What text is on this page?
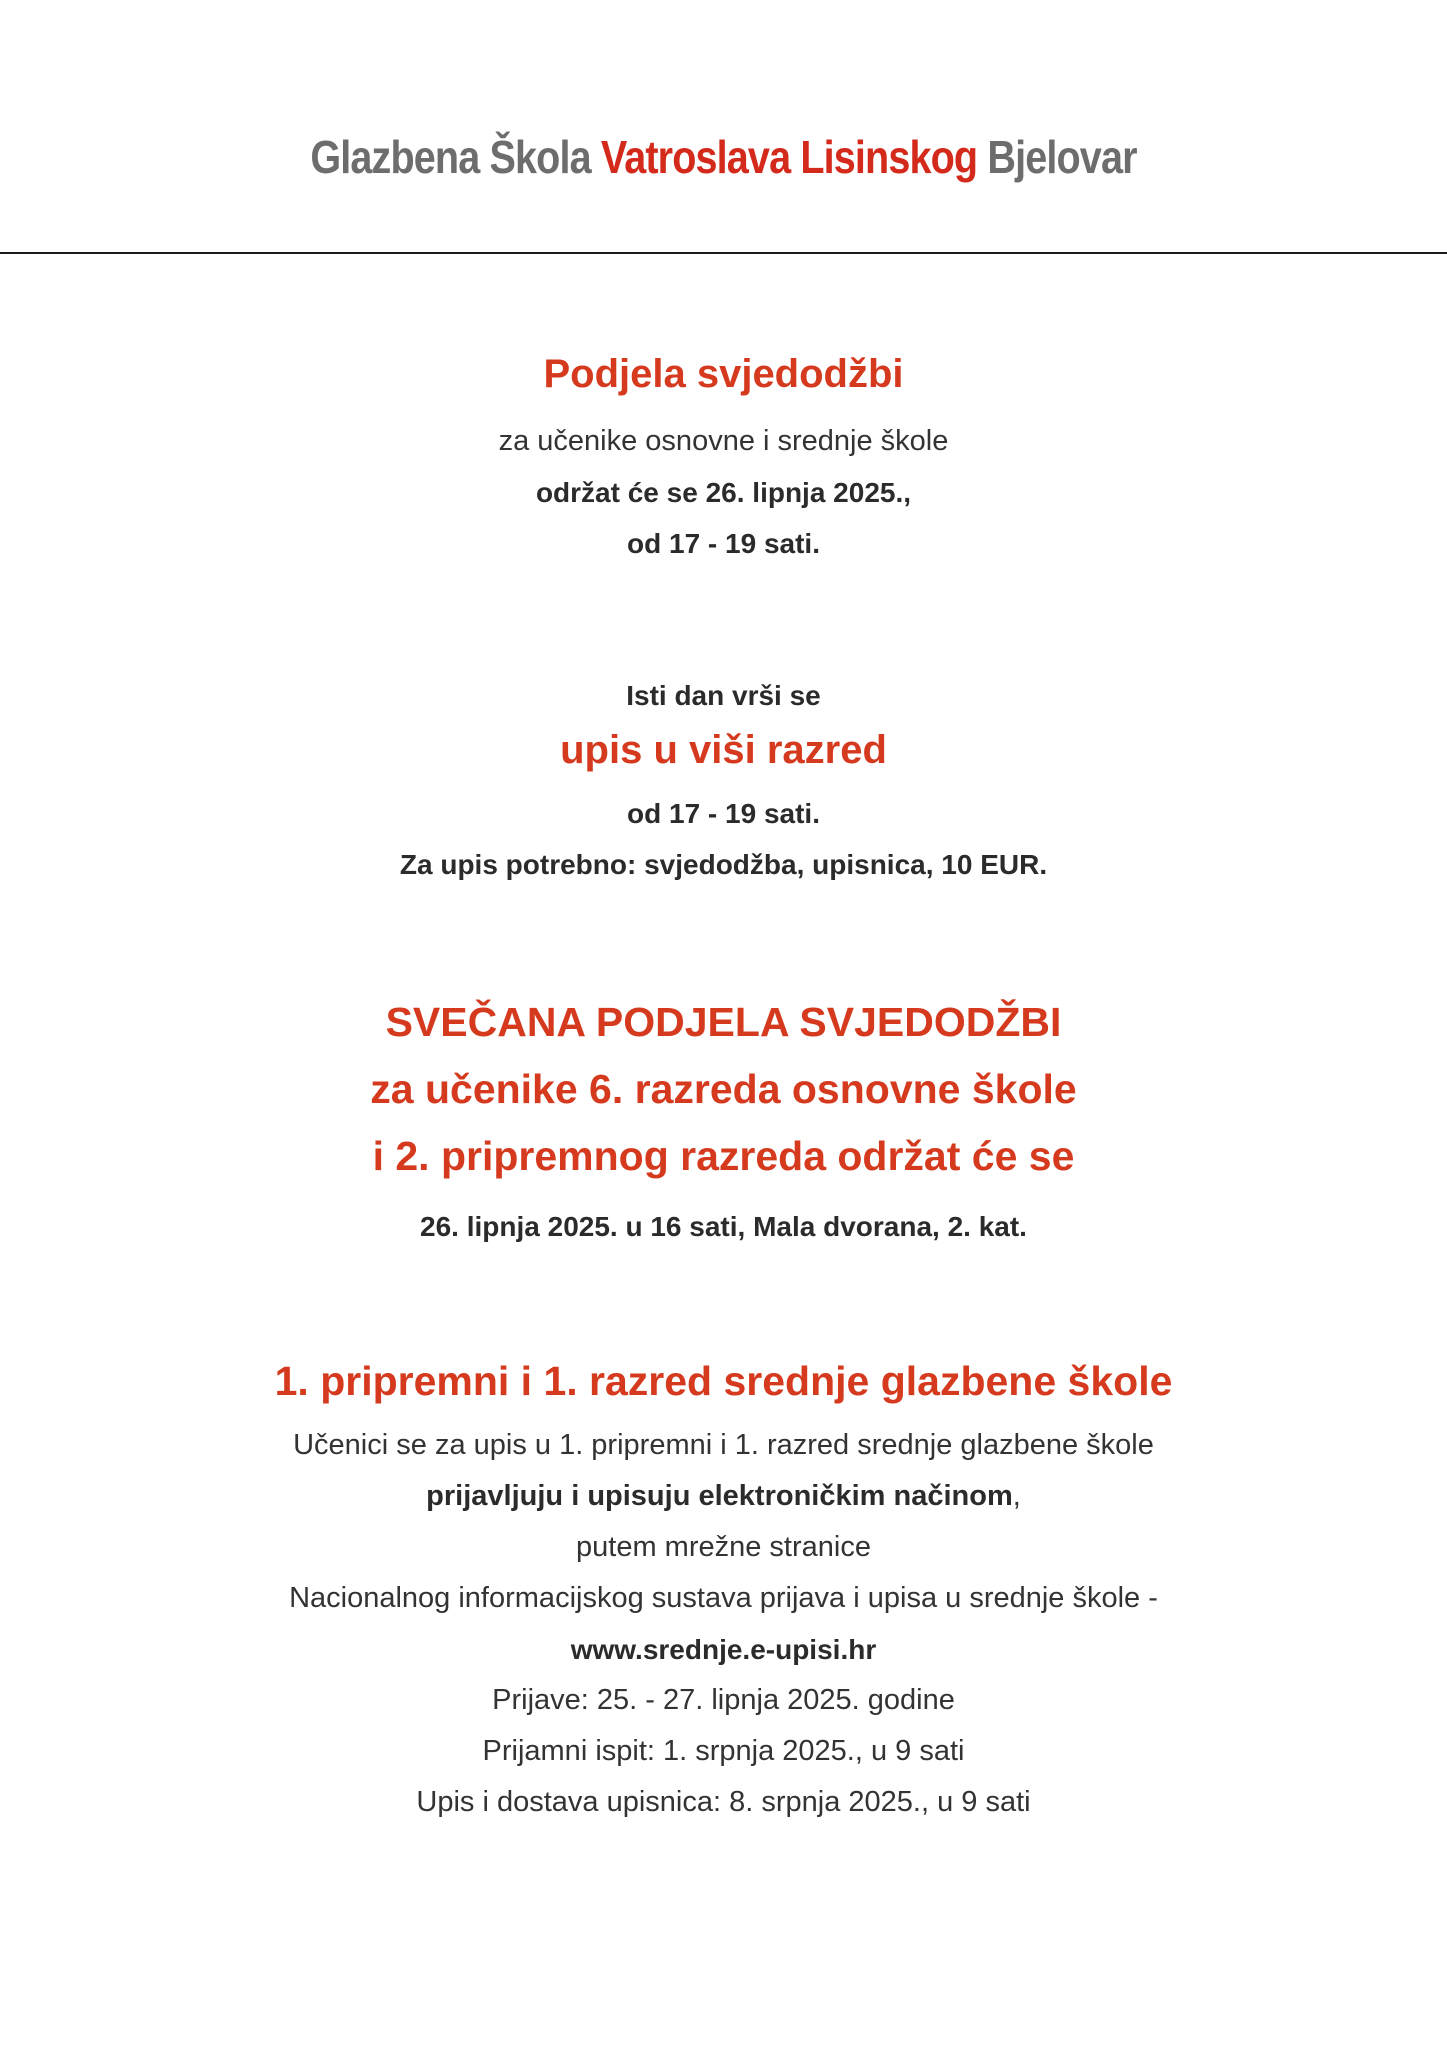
Glazbena Škola Vatroslava Lisinskog Bjelovar
Podjela svjedodžbi
za učenike osnovne i srednje škole
održat će se 26. lipnja 2025.,
od 17 - 19 sati.
Isti dan vrši se
upis u viši razred
od 17 - 19 sati.
Za upis potrebno: svjedodžba, upisnica, 10 EUR.
SVEČANA PODJELA SVJEDODŽBI
za učenike 6. razreda osnovne škole
i 2. pripremnog razreda održat će se
26. lipnja 2025. u 16 sati, Mala dvorana, 2. kat.
1. pripremni i 1. razred srednje glazbene škole
Učenici se za upis u 1. pripremni i 1. razred srednje glazbene škole
prijavljuju i upisuju elektroničkim načinom,
putem mrežne stranice
Nacionalnog informacijskog sustava prijava i upisa u srednje škole -
www.srednje.e-upisi.hr
Prijave: 25. - 27. lipnja 2025. godine
Prijamni ispit: 1. srpnja 2025., u 9 sati
Upis i dostava upisnica: 8. srpnja 2025., u 9 sati
